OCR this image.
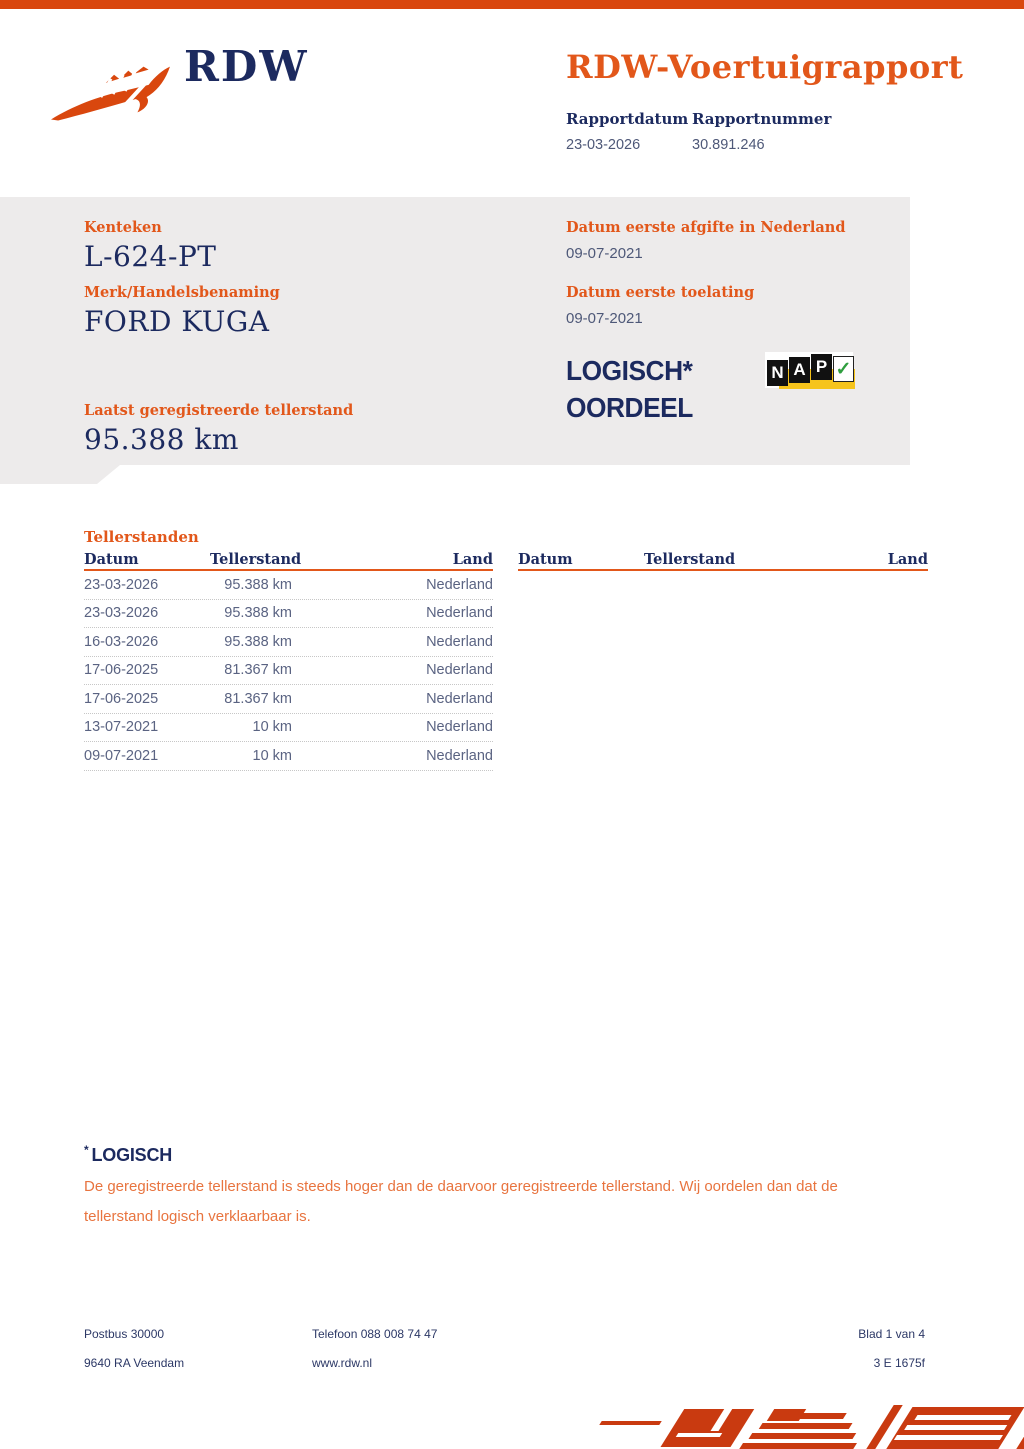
RDW	RDW-Voertuigrapport
Rapportdatum Rapportnummer
23-03-2026	30.891.246
Kenteken
L-624-PT
Merk/Handelsbenaming
FORD KUGA
Datum eerste afgifte in Nederland
09-07-2021
Datum eerste toelating
09-07-2021
LOGISCH*
OORDEEL
N A P ✓
Laatst geregistreerde tellerstand
95.388 km
Tellerstanden
Datum	Tellerstand	Land
23-03-2026	95.388 km	Nederland
23-03-2026	95.388 km	Nederland
16-03-2026	95.388 km	Nederland
17-06-2025	81.367 km	Nederland
17-06-2025	81.367 km	Nederland
13-07-2021	10 km	Nederland
09-07-2021	10 km	Nederland
Datum	Tellerstand	Land
* LOGISCH
De geregistreerde tellerstand is steeds hoger dan de daarvoor geregistreerde tellerstand. Wij oordelen dan dat de tellerstand logisch verklaarbaar is.
Postbus 30000
9640 RA Veendam
Telefoon 088 008 74 47
www.rdw.nl
Blad 1 van 4
3 E 1675f
